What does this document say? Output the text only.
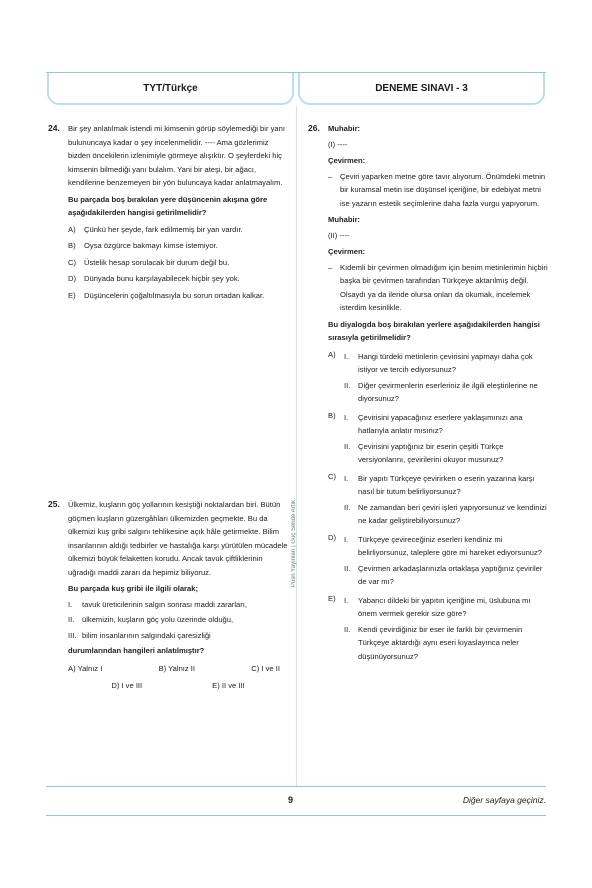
TYT/Türkçe	DENEME SINAVI - 3
Pusn Yayınları | Güç Sende Artık
24.	Bir şey anlatılmak istendi mi kimsenin görüp söylemediği bir yanı bulununcaya kadar o şey incelenmelidir. ---- Ama gözlerimiz bizden öncekilerin izlenimiyle görmeye alışıktır. O şeylerdeki hiç kimsenin bilmediği yanı bulalım. Yani bir ateşi, bir ağacı, kendilerine benzemeyen bir yön buluncaya kadar anlatmayalım.

Bu parçada boş bırakılan yere düşüncenin akışına göre aşağıdakilerden hangisi getirilmelidir?

A)	Çünkü her şeyde, fark edilmemiş bir yan vardır.
B)	Oysa özgürce bakmayı kimse istemiyor.
C)	Üstelik hesap sorulacak bir durum değil bu.
D)	Dünyada bunu karşılayabilecek hiçbir şey yok.
E)	Düşüncelerin çoğaltılmasıyla bu sorun ortadan kalkar.
25.	Ülkemiz, kuşların göç yollarının kesiştiği noktalardan biri. Bütün göçmen kuşların güzergâhları ülkemizden geçmekte. Bu da ülkemizi kuş gribi salgını tehlikesine açık hâle getirmekte. Bilim insanlarının aldığı tedbirler ve hastalığa karşı yürütülen mücadele ülkemizi büyük felaketten korudu. Ancak tavuk çiftliklerinin uğradığı maddi zararı da hepimiz biliyoruz.

Bu parçada kuş gribi ile ilgili olarak;

I.	tavuk üreticilerinin salgın sonrası maddi zararları,
II.	ülkemizin, kuşların göç yolu üzerinde olduğu,
III. bilim insanlarının salgındaki çaresizliği

durumlarından hangileri anlatılmıştır?

A) Yalnız I	B) Yalnız II	C) I ve II
D) I ve III	E) II ve III
26.	Muhabir:

(I) ----

Çevirmen:

–	Çeviri yaparken metne göre tavır alıyorum. Önümdeki metnin bir kuramsal metin ise düşünsel içeriğine, bir edebiyat metni ise yazarın estetik seçimlerine daha fazla vurgu yapıyorum.

Muhabir:

(II) ----

Çevirmen:

–	Kıdemli bir çevirmen olmadığım için benim metinlerimin hiçbiri başka bir çevirmen tarafından Türkçeye aktarılmış değil. Olsaydı ya da ileride olursa onları da okumak, incelemek isterdim kesinlikle.

Bu diyalogda boş bırakılan yerlere aşağıdakilerden hangisi sırasıyla getirilmelidir?

A)	I.	Hangi türdeki metinlerin çevirisini yapmayı daha çok istiyor ve tercih ediyorsunuz?
II.	Diğer çevirmenlerin eserleriniz ile ilgili eleştirilerine ne diyorsunuz?
B)	I.	Çevirisini yapacağınız eserlere yaklaşımınızı ana hatlarıyla anlatır mısınız?
II.	Çevirisini yaptığınız bir eserin çeşitli Türkçe versiyonlarını, çevirilerini okuyor musunuz?
C)	I.	Bir yapıtı Türkçeye çevirirken o eserin yazarına karşı nasıl bir tutum belirliyorsunuz?
II.	Ne zamandan beri çeviri işleri yapıyorsunuz ve kendinizi ne kadar geliştirebiliyorsunuz?
D)	I.	Türkçeye çevireceğiniz eserleri kendiniz mi belirliyorsunuz, taleplere göre mi hareket ediyorsunuz?
II.	Çevirmen arkadaşlarınızla ortaklaşa yaptığınız çeviriler de var mı?
E)	I.	Yabancı dildeki bir yapıtın içeriğine mi, üslubuna mı önem vermek gerekir size göre?
II.	Kendi çevirdiğiniz bir eser ile farklı bir çevirmenin Türkçeye aktardığı aynı eseri kıyaslayınca neler düşünüyorsunuz?
9	Diğer sayfaya geçiniz.
